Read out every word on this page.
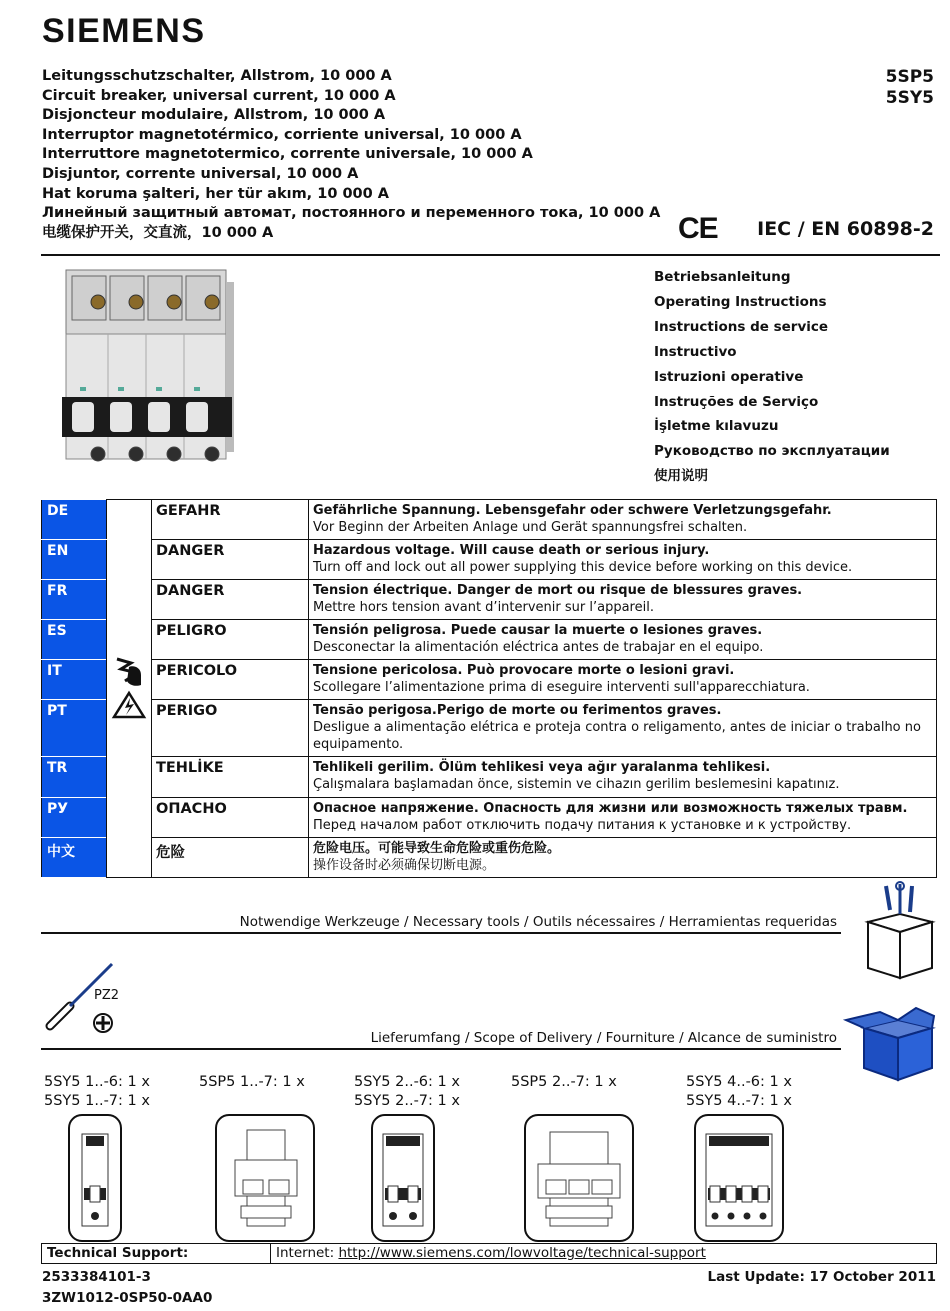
SIEMENS
Leitungsschutzschalter, Allstrom, 10 000 A
Circuit breaker, universal current, 10 000 A
Disjoncteur modulaire, Allstrom, 10 000 A
Interruptor magnetotérmico, corriente universal, 10 000 A
Interruttore magnetotermico, corrente universale, 10 000 A
Disjuntor, corrente universal, 10 000 A
Hat koruma şalteri, her tür akım, 10 000 A
Линейный защитный автомат, постоянного и переменного тока, 10 000 A
电缆保护开关，交直流，10 000 A
5SP5
5SY5
CE IEC / EN 60898-2
Betriebsanleitung
Operating Instructions
Instructions de service
Instructivo
Istruzioni operative
Instruções de Serviço
İşletme kılavuzu
Руководство по эксплуатации
使用说明
DE		GEFAHR	Gefährliche Spannung. Lebensgefahr oder schwere Verletzungsgefahr.
Vor Beginn der Arbeiten Anlage und Gerät spannungsfrei schalten.

EN		DANGER	Hazardous voltage. Will cause death or serious injury.
Turn off and lock out all power supplying this device before working on this device.

FR		DANGER	Tension électrique. Danger de mort ou risque de blessures graves.
Mettre hors tension avant d’intervenir sur l’appareil.

ES		PELIGRO	Tensión peligrosa. Puede causar la muerte o lesiones graves.
Desconectar la alimentación eléctrica antes de trabajar en el equipo.

IT		PERICOLO	Tensione pericolosa. Può provocare morte o lesioni gravi.
Scollegare l’alimentazione prima di eseguire interventi sull'apparecchiatura.

PT		PERIGO	Tensão perigosa.Perigo de morte ou ferimentos graves.
Desligue a alimentação elétrica e proteja contra o religamento, antes de iniciar o trabalho no equipamento.

TR		TEHLİKE	Tehlikeli gerilim. Ölüm tehlikesi veya ağır yaralanma tehlikesi.
Çalışmalara başlamadan önce, sistemin ve cihazın gerilim beslemesini kapatınız.

РУ		ОПАСНО	Опасное напряжение. Опасность для жизни или возможность тяжелых травм.
Перед началом работ отключить подачу питания к установке и к устройству.

中文		危险	危险电压。可能导致生命危险或重伤危险。
操作设备时必须确保切断电源。
Notwendige Werkzeuge / Necessary tools / Outils nécessaires / Herramientas requeridas
PZ2
Lieferumfang / Scope of Delivery / Fourniture / Alcance de suministro
5SY5 1..-6: 1 x
5SY5 1..-7: 1 x
5SP5 1..-7: 1 x	5SY5 2..-6: 1 x
5SY5 2..-7: 1 x
5SP5 2..-7: 1 x	5SY5 4..-6: 1 x
5SY5 4..-7: 1 x
Technical Support:	Internet: http://www.siemens.com/lowvoltage/technical-support
2533384101-3
3ZW1012-0SP50-0AA0
Last Update: 17 October 2011
